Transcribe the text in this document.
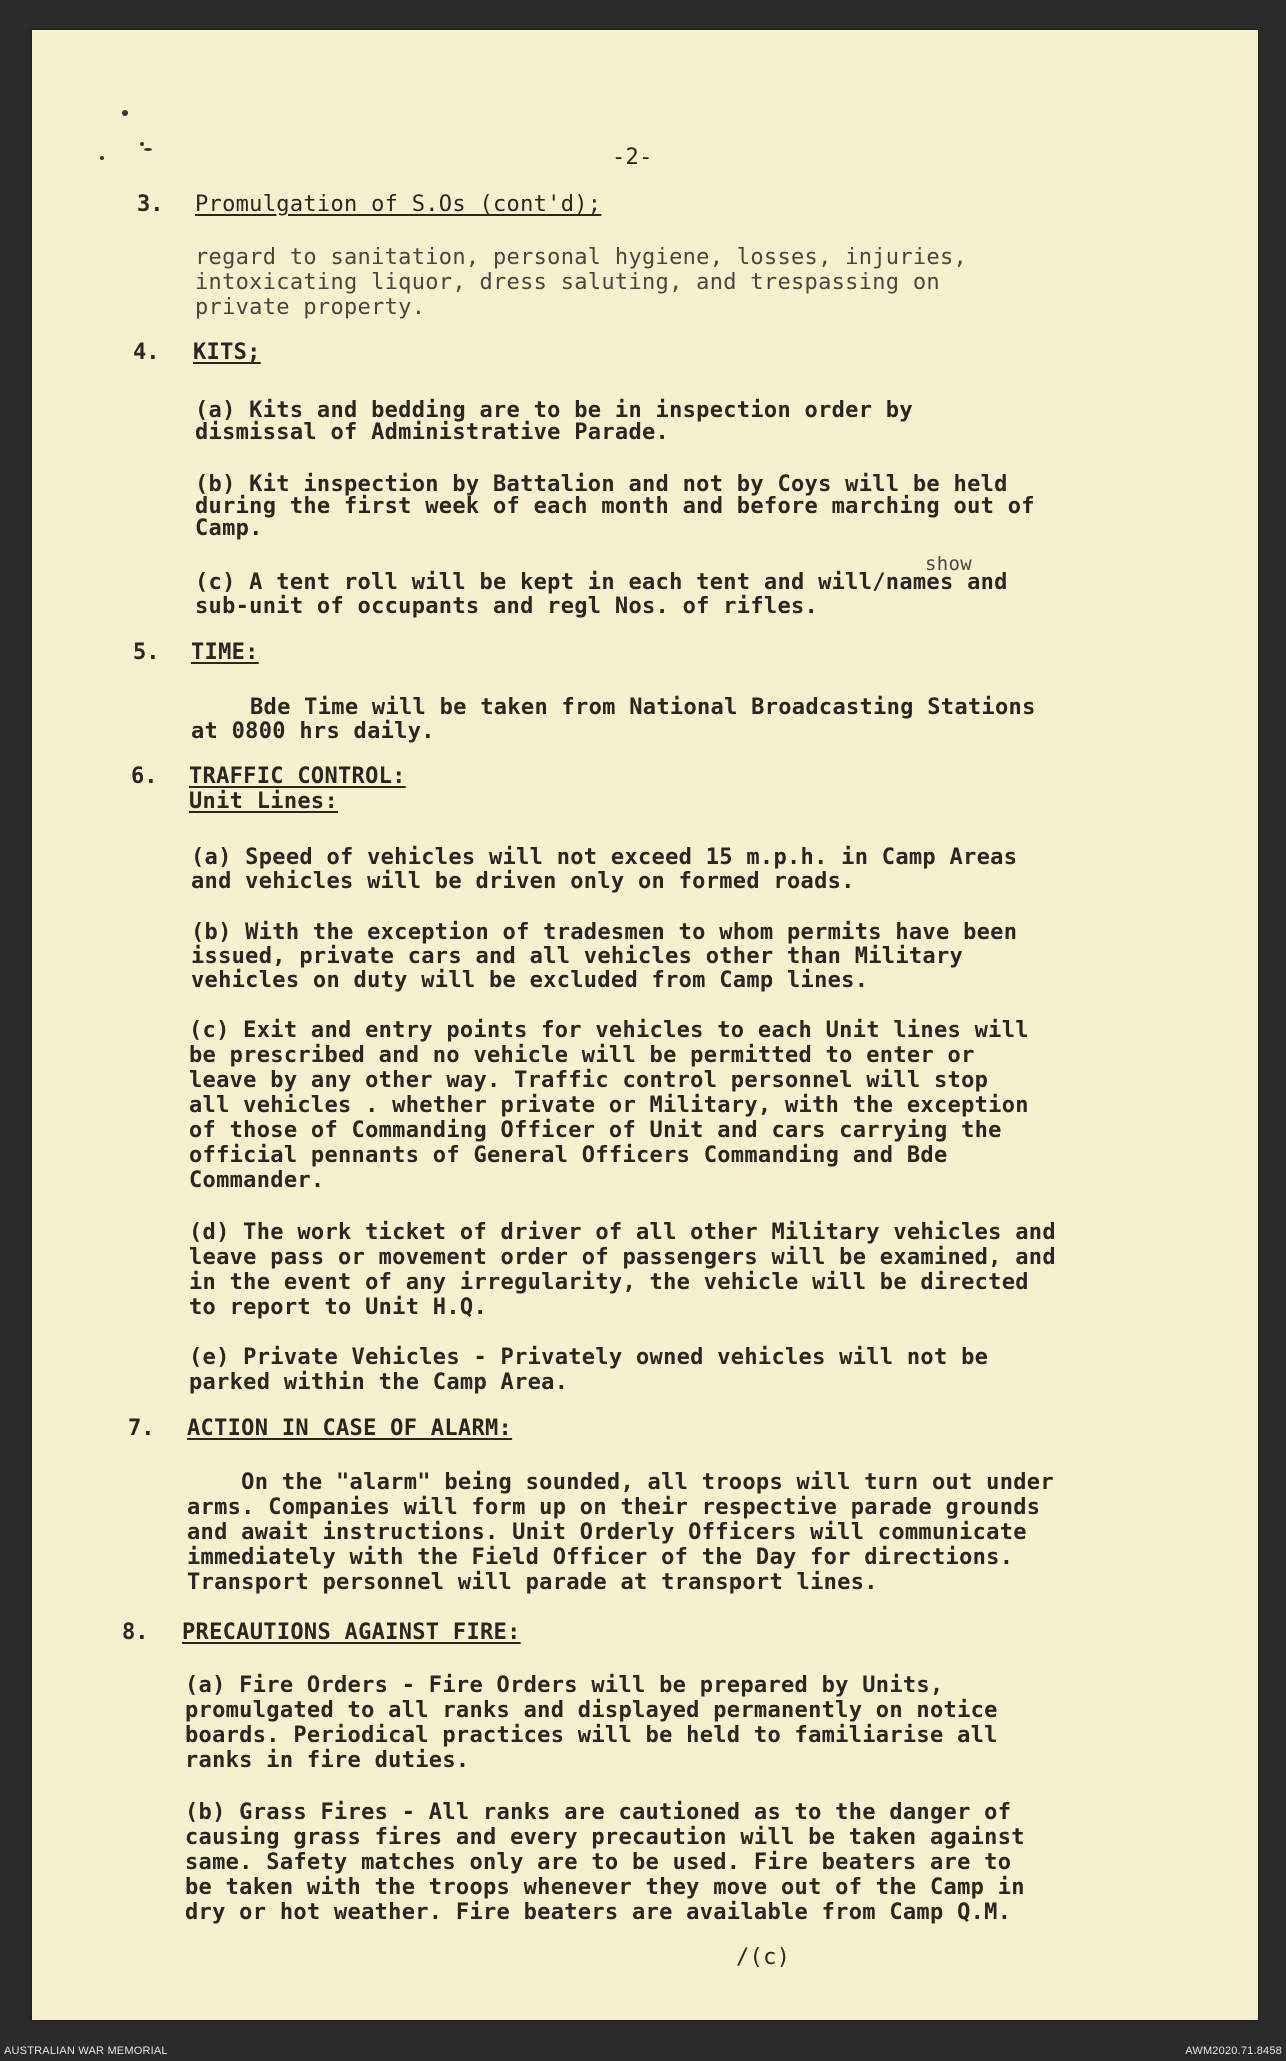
-2-
3. Promulgation of S.Os (cont'd);
regard to sanitation, personal hygiene, losses, injuries,
intoxicating liquor, dress saluting, and trespassing on
private property.
4. KITS;
(a) Kits and bedding are to be in inspection order by
dismissal of Administrative Parade.
(b) Kit inspection by Battalion and not by Coys will be held
during the first week of each month and before marching out of
Camp.
show
(c) A tent roll will be kept in each tent and will/names and
sub-unit of occupants and regl Nos. of rifles.
5. TIME:
Bde Time will be taken from National Broadcasting Stations
at 0800 hrs daily.
6. TRAFFIC CONTROL:
Unit Lines:
(a) Speed of vehicles will not exceed 15 m.p.h. in Camp Areas
and vehicles will be driven only on formed roads.
(b) With the exception of tradesmen to whom permits have been
issued, private cars and all vehicles other than Military
vehicles on duty will be excluded from Camp lines.
(c) Exit and entry points for vehicles to each Unit lines will
be prescribed and no vehicle will be permitted to enter or
leave by any other way. Traffic control personnel will stop
all vehicles . whether private or Military, with the exception
of those of Commanding Officer of Unit and cars carrying the
official pennants of General Officers Commanding and Bde
Commander.
(d) The work ticket of driver of all other Military vehicles and
leave pass or movement order of passengers will be examined, and
in the event of any irregularity, the vehicle will be directed
to report to Unit H.Q.
(e) Private Vehicles - Privately owned vehicles will not be
parked within the Camp Area.
7. ACTION IN CASE OF ALARM:
On the "alarm" being sounded, all troops will turn out under
arms. Companies will form up on their respective parade grounds
and await instructions. Unit Orderly Officers will communicate
immediately with the Field Officer of the Day for directions.
Transport personnel will parade at transport lines.
8. PRECAUTIONS AGAINST FIRE:
(a) Fire Orders - Fire Orders will be prepared by Units,
promulgated to all ranks and displayed permanently on notice
boards. Periodical practices will be held to familiarise all
ranks in fire duties.
(b) Grass Fires - All ranks are cautioned as to the danger of
causing grass fires and every precaution will be taken against
same. Safety matches only are to be used. Fire beaters are to
be taken with the troops whenever they move out of the Camp in
dry or hot weather. Fire beaters are available from Camp Q.M.
/(c)
AUSTRALIAN WAR MEMORIAL	AWM2020.71.8458
